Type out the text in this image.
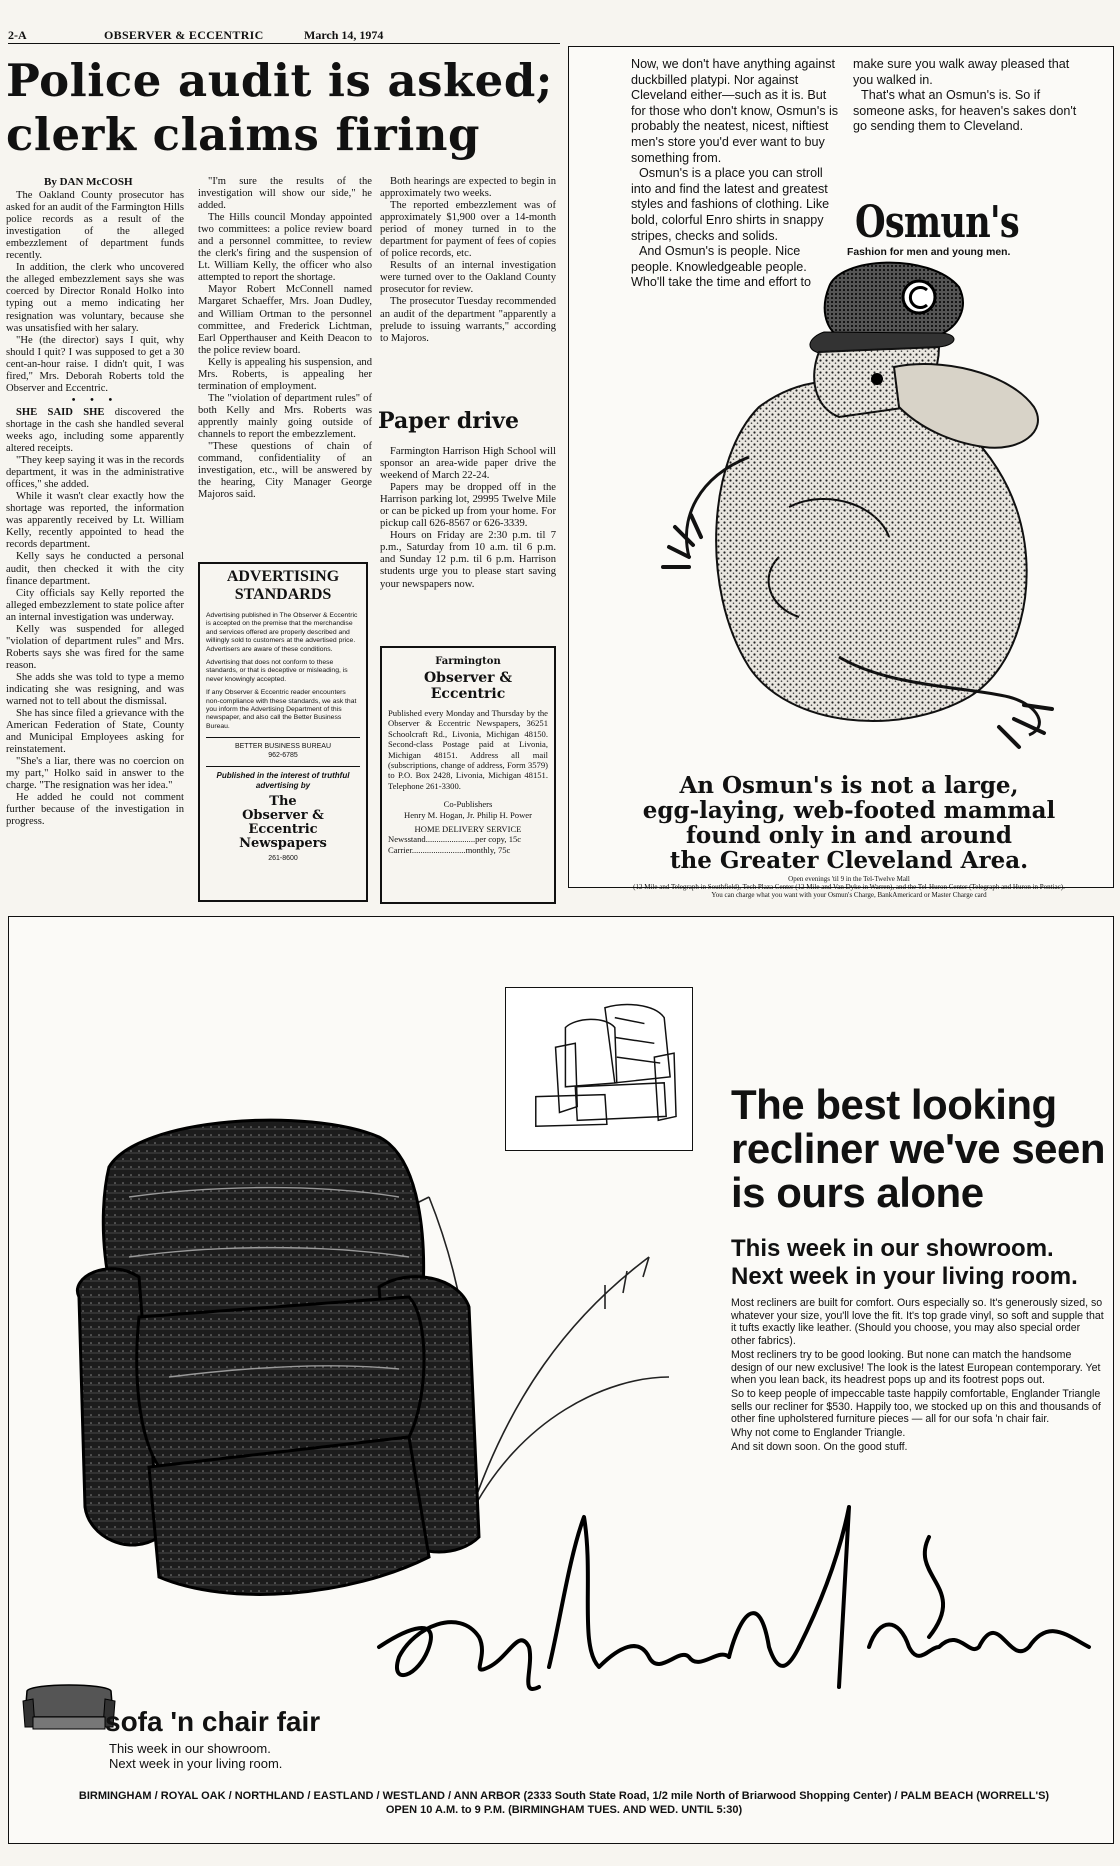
2-A	OBSERVER & ECCENTRIC	March 14, 1974
Police audit is asked;
clerk claims firing
By DAN McCOSH

The Oakland County prosecutor has asked for an audit of the Farmington Hills police records as a result of the investigation of the alleged embezzlement of department funds recently.

In addition, the clerk who uncovered the alleged embezzlement says she was coerced by Director Ronald Holko into typing out a memo indicating her resignation was voluntary, because she was unsatisfied with her salary.

"He (the director) says I quit, why should I quit? I was supposed to get a 30 cent-an-hour raise. I didn't quit, I was fired," Mrs. Deborah Roberts told the Observer and Eccentric.

• • •

SHE SAID SHE discovered the shortage in the cash she handled several weeks ago, including some apparently altered receipts.

"They keep saying it was in the records department, it was in the administrative offices," she added.

While it wasn't clear exactly how the shortage was reported, the information was apparently received by Lt. William Kelly, recently appointed to head the records department.

Kelly says he conducted a personal audit, then checked it with the city finance department.

City officials say Kelly reported the alleged embezzlement to state police after an internal investigation was underway.

Kelly was suspended for alleged "violation of department rules" and Mrs. Roberts says she was fired for the same reason.

She adds she was told to type a memo indicating she was resigning, and was warned not to tell about the dismissal.

She has since filed a grievance with the American Federation of State, County and Municipal Employees asking for reinstatement.

"She's a liar, there was no coercion on my part," Holko said in answer to the charge. "The resignation was her idea."

He added he could not comment further because of the investigation in progress.

"I'm sure the results of the investigation will show our side," he added.

The Hills council Monday appointed two committees: a police review board and a personnel committee, to review the clerk's firing and the suspension of Lt. William Kelly, the officer who also attempted to report the shortage.

Mayor Robert McConnell named Margaret Schaeffer, Mrs. Joan Dudley, and William Ortman to the personnel committee, and Frederick Lichtman, Earl Opperthauser and Keith Deacon to the police review board.

Kelly is appealing his suspension, and Mrs. Roberts, is appealing her termination of employment.

The "violation of department rules" of both Kelly and Mrs. Roberts was apprently mainly going outside of channels to report the embezzlement.

"These questions of chain of command, confidentiality of an investigation, etc., will be answered by the hearing, City Manager George Majoros said.

Both hearings are expected to begin in approximately two weeks.

The reported embezzlement was of approximately $1,900 over a 14-month period of money turned in to the department for payment of fees of copies of police records, etc.

Results of an internal investigation were turned over to the Oakland County prosecutor for review.

The prosecutor Tuesday recommended an audit of the department "apparently a prelude to issuing warrants," according to Majoros.

Paper drive

Farmington Harrison High School will sponsor an area-wide paper drive the weekend of March 22-24.

Papers may be dropped off in the Harrison parking lot, 29995 Twelve Mile or can be picked up from your home. For pickup call 626-8567 or 626-3339.

Hours on Friday are 2:30 p.m. til 7 p.m., Saturday from 10 a.m. til 6 p.m. and Sunday 12 p.m. til 6 p.m. Harrison students urge you to please start saving your newspapers now.

ADVERTISING STANDARDS
Advertising published in The Observer & Eccentric is accepted on the premise that the merchandise and services offered are properly described and willingly sold to customers at the advertised price. Advertisers are aware of these conditions.
Advertising that does not conform to these standards, or that is deceptive or misleading, is never knowingly accepted.
If any Observer & Eccentric reader encounters non-compliance with these standards, we ask that you inform the Advertising Department of this newspaper, and also call the Better Business Bureau.
BETTER BUSINESS BUREAU
962-6785
Published in the interest of truthful advertising by
The
Observer & Eccentric Newspapers
261-8600
Farmington
Observer & Eccentric
Published every Monday and Thursday by the Observer & Eccentric Newspapers, 36251 Schoolcraft Rd., Livonia, Michigan 48150. Second-class Postage paid at Livonia, Michigan 48151. Address all mail (subscriptions, change of address, Form 3579) to P.O. Box 2428, Livonia, Michigan 48151. Telephone 261-3300.
Co-Publishers
Henry M. Hogan, Jr. Philip H. Power
HOME DELIVERY SERVICE
Newsstand.......................per copy, 15c
Carrier.........................monthly, 75c

Now, we don't have anything against duckbilled platypi. Nor against Cleveland either—such as it is. But for those who don't know, Osmun's is probably the neatest, nicest, niftiest men's store you'd ever want to buy something from.

Osmun's is a place you can stroll into and find the latest and greatest styles and fashions of clothing. Like bold, colorful Enro shirts in snappy stripes, checks and solids.

And Osmun's is people. Nice people. Knowledgeable people. Who'll take the time and effort to

make sure you walk away pleased that you walked in.

That's what an Osmun's is. So if someone asks, for heaven's sakes don't go sending them to Cleveland.

Osmun's
Fashion for men and young men.
An Osmun's is not a large,
egg-laying, web-footed mammal
found only in and around
the Greater Cleveland Area.
Open evenings 'til 9 in the Tel-Twelve Mall
(12 Mile and Telegraph in Southfield), Tech Plaza Center (12 Mile and Van Dyke in Warren), and the Tel-Huron Center (Telegraph and Huron in Pontiac).
You can charge what you want with your Osmun's Charge, BankAmericard or Master Charge card
The best looking
recliner we've seen
is ours alone
This week in our showroom.
Next week in your living room.

Most recliners are built for comfort. Ours especially so. It's generously sized, so whatever your size, you'll love the fit. It's top grade vinyl, so soft and supple that it tufts exactly like leather. (Should you choose, you may also special order other fabrics).

Most recliners try to be good looking. But none can match the handsome design of our new exclusive! The look is the latest European contemporary. Yet when you lean back, its headrest pops up and its footrest pops out.

So to keep people of impeccable taste happily comfortable, Englander Triangle sells our recliner for $530. Happily too, we stocked up on this and thousands of other fine upholstered furniture pieces — all for our sofa 'n chair fair.

Why not come to Englander Triangle.

And sit down soon. On the good stuff.

sofa 'n chair fair
This week in our showroom.
Next week in your living room.
BIRMINGHAM / ROYAL OAK / NORTHLAND / EASTLAND / WESTLAND / ANN ARBOR (2333 South State Road, 1/2 mile North of Briarwood Shopping Center) / PALM BEACH (WORRELL'S)
OPEN 10 A.M. to 9 P.M. (BIRMINGHAM TUES. AND WED. UNTIL 5:30)
